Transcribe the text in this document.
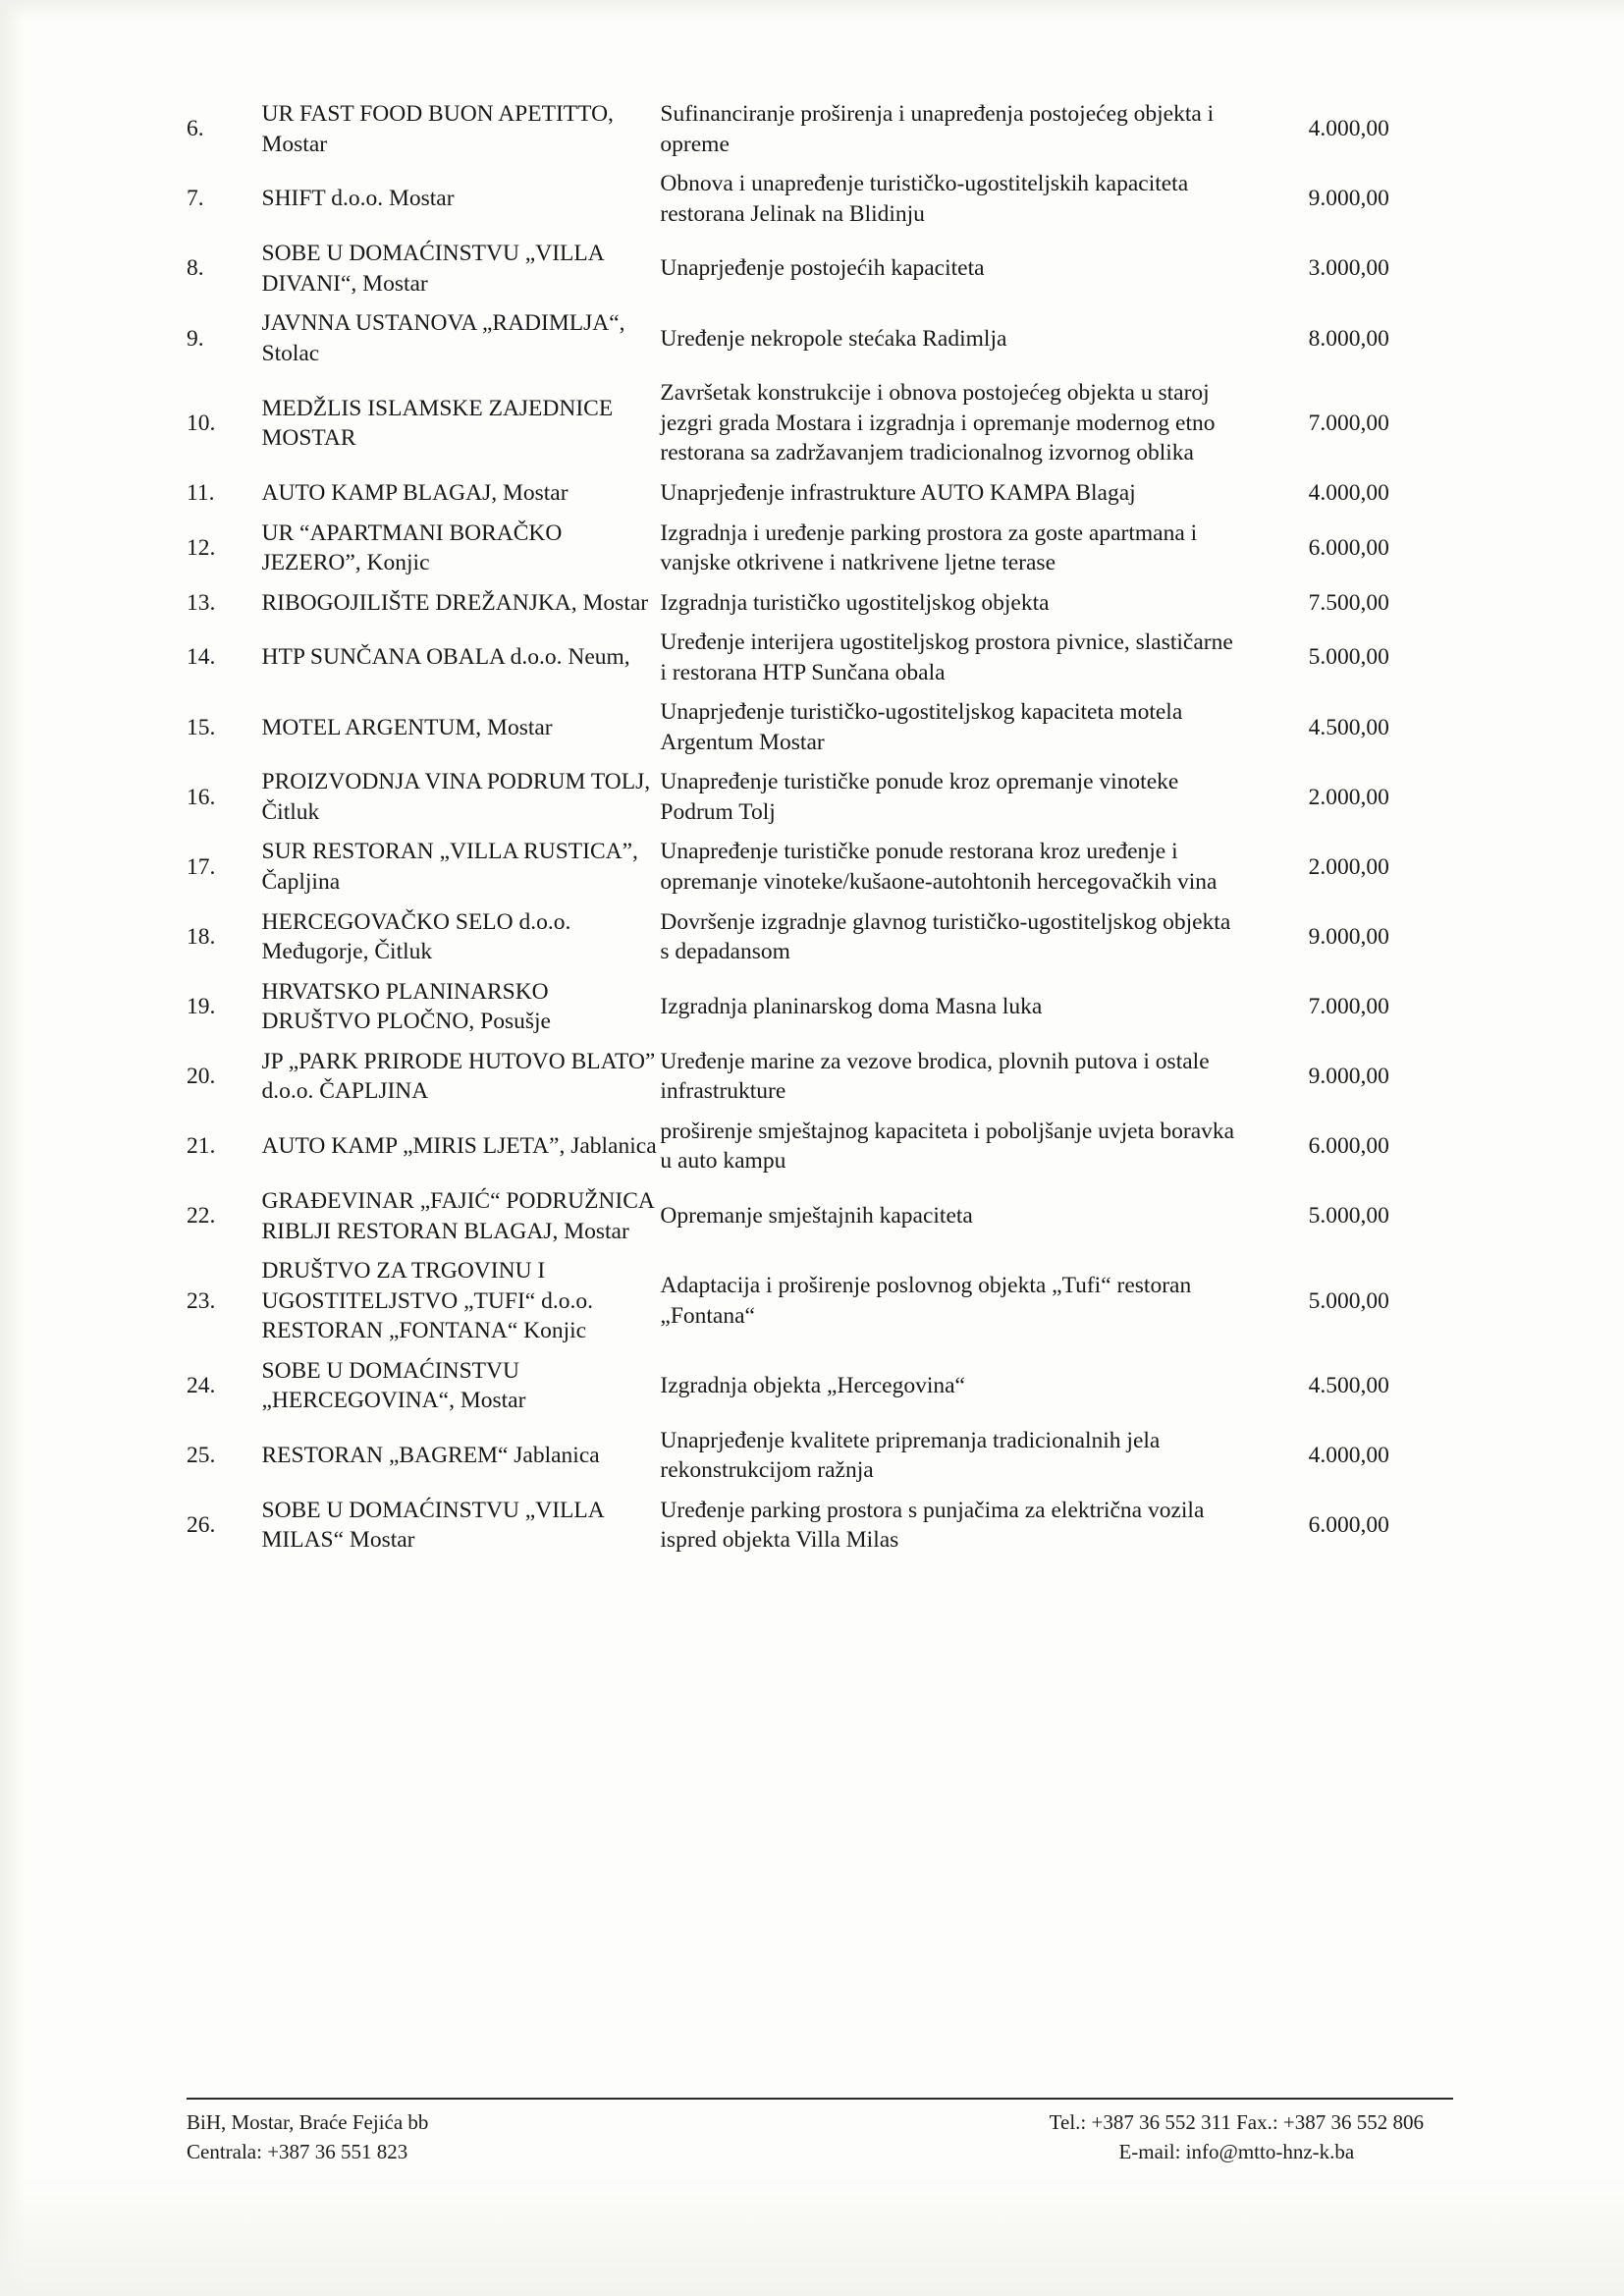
6.	UR FAST FOOD BUON APETITTO, Mostar	Sufinanciranje proširenja i unapređenja postojećeg objekta i opreme	4.000,00
7.	SHIFT d.o.o. Mostar	Obnova i unapređenje turističko-ugostiteljskih kapaciteta restorana Jelinak na Blidinju	9.000,00
8.	SOBE U DOMAĆINSTVU „VILLA DIVANI“, Mostar	Unaprjeđenje postojećih kapaciteta	3.000,00
9.	JAVNNA USTANOVA „RADIMLJA“, Stolac	Uređenje nekropole stećaka Radimlja	8.000,00
10.	MEDŽLIS ISLAMSKE ZAJEDNICE MOSTAR	Završetak konstrukcije i obnova postojećeg objekta u staroj jezgri grada Mostara i izgradnja i opremanje modernog etno restorana sa zadržavanjem tradicionalnog izvornog oblika	7.000,00
11.	AUTO KAMP BLAGAJ, Mostar	Unaprjeđenje infrastrukture AUTO KAMPA Blagaj	4.000,00
12.	UR “APARTMANI BORAČKO JEZERO”, Konjic	Izgradnja i uređenje parking prostora za goste apartmana i vanjske otkrivene i natkrivene ljetne terase	6.000,00
13.	RIBOGOJILIŠTE DREŽANJKA, Mostar	Izgradnja turističko ugostiteljskog objekta	7.500,00
14.	HTP SUNČANA OBALA d.o.o. Neum,	Uređenje interijera ugostiteljskog prostora pivnice, slastičarne i restorana HTP Sunčana obala	5.000,00
15.	MOTEL ARGENTUM, Mostar	Unaprjeđenje turističko-ugostiteljskog kapaciteta motela Argentum Mostar	4.500,00
16.	PROIZVODNJA VINA PODRUM TOLJ, Čitluk	Unapređenje turističke ponude kroz opremanje vinoteke Podrum Tolj	2.000,00
17.	SUR RESTORAN „VILLA RUSTICA”, Čapljina	Unapređenje turističke ponude restorana kroz uređenje i opremanje vinoteke/kušaone-autohtonih hercegovačkih vina	2.000,00
18.	HERCEGOVAČKO SELO d.o.o. Međugorje, Čitluk	Dovršenje izgradnje glavnog turističko-ugostiteljskog objekta s depadansom	9.000,00
19.	HRVATSKO PLANINARSKO DRUŠTVO PLOČNO, Posušje	Izgradnja planinarskog doma Masna luka	7.000,00
20.	JP „PARK PRIRODE HUTOVO BLATO” d.o.o. ČAPLJINA	Uređenje marine za vezove brodica, plovnih putova i ostale infrastrukture	9.000,00
21.	AUTO KAMP „MIRIS LJETA”, Jablanica	proširenje smještajnog kapaciteta i poboljšanje uvjeta boravka u auto kampu	6.000,00
22.	GRAĐEVINAR „FAJIĆ“ PODRUŽNICA RIBLJI RESTORAN BLAGAJ, Mostar	Opremanje smještajnih kapaciteta	5.000,00
23.	DRUŠTVO ZA TRGOVINU I UGOSTITELJSTVO „TUFI“ d.o.o. RESTORAN „FONTANA“ Konjic	Adaptacija i proširenje poslovnog objekta „Tufi“ restoran „Fontana“	5.000,00
24.	SOBE U DOMAĆINSTVU „HERCEGOVINA“, Mostar	Izgradnja objekta „Hercegovina“	4.500,00
25.	RESTORAN „BAGREM“ Jablanica	Unaprjeđenje kvalitete pripremanja tradicionalnih jela rekonstrukcijom ražnja	4.000,00
26.	SOBE U DOMAĆINSTVU „VILLA MILAS“ Mostar	Uređenje parking prostora s punjačima za električna vozila ispred objekta Villa Milas	6.000,00
BiH, Mostar, Braće Fejića bb
Centrala: +387 36 551 823
Tel.: +387 36 552 311 Fax.: +387 36 552 806
E-mail: info@mtto-hnz-k.ba
